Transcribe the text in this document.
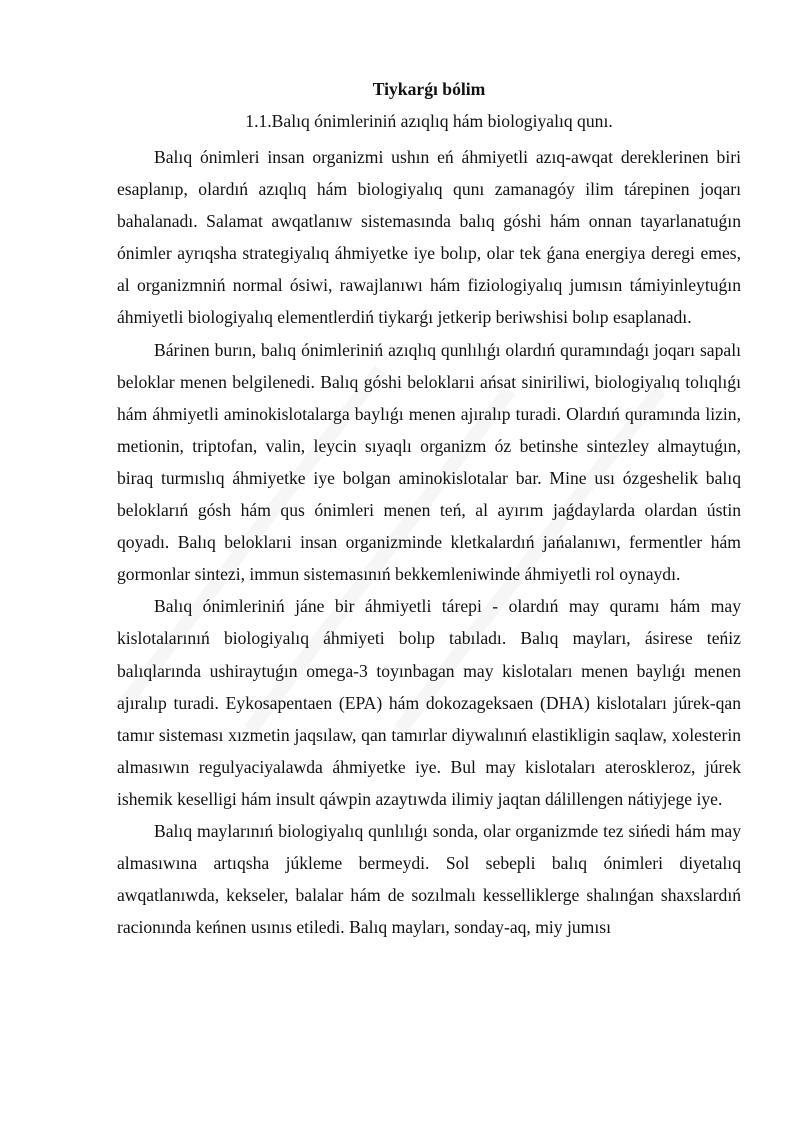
Tiykarǵı bólim
1.1.Balıq ónimleriniń azıqlıq hám biologiyalıq qunı.

Balıq ónimleri insan organizmi ushın eń áhmiyetli azıq-awqat dereklerinen biri esaplanıp, olardıń azıqlıq hám biologiyalıq qunı zamanagóy ilim tárepinen joqarı bahalanadı. Salamat awqatlanıw sistemasında balıq góshi hám onnan tayarlanatuǵın ónimler ayrıqsha strategiyalıq áhmiyetke iye bolıp, olar tek ǵana energiya deregi emes, al organizmniń normal ósiwi, rawajlanıwı hám fiziologiyalıq jumısın támiyinleytuǵın áhmiyetli biologiyalıq elementlerdiń tiykarǵı jetkerip beriwshisi bolıp esaplanadı.

Bárinen burın, balıq ónimleriniń azıqlıq qunlılıǵı olardıń quramındaǵı joqarı sapalı beloklar menen belgilenedi. Balıq góshi beloklarıi ańsat siniriliwi, biologiyalıq tolıqlıǵı hám áhmiyetli aminokislotalarga baylıǵı menen ajıralıp turadi. Olardıń quramında lizin, metionin, triptofan, valin, leycin sıyaqlı organizm óz betinshe sintezley almaytuǵın, biraq turmıslıq áhmiyetke iye bolgan aminokislotalar bar. Mine usı ózgeshelik balıq beloklarıń gósh hám qus ónimleri menen teń, al ayırım jaǵdaylarda olardan ústin qoyadı. Balıq beloklarıi insan organizminde kletkalardıń jańalanıwı, fermentler hám gormonlar sintezi, immun sistemasınıń bekkemleniwinde áhmiyetli rol oynaydı.

Balıq ónimleriniń jáne bir áhmiyetli tárepi - olardıń may quramı hám may kislotalarınıń biologiyalıq áhmiyeti bolıp tabıladı. Balıq mayları, ásirese teńiz balıqlarında ushiraytuǵın omega-3 toyınbagan may kislotaları menen baylıǵı menen ajıralıp turadi. Eykosapentaen (EPA) hám dokozageksaen (DHA) kislotaları júrek-qan tamır sisteması xızmetin jaqsılaw, qan tamırlar diywalınıń elastikligin saqlaw, xolesterin almasıwın regulyaciyalawda áhmiyetke iye. Bul may kislotaları ateroskleroz, júrek ishemik keselligi hám insult qáwpin azaytıwda ilimiy jaqtan dálillengen nátiyjege iye.

Balıq maylarınıń biologiyalıq qunlılıǵı sonda, olar organizmde tez sińedi hám may almasıwına artıqsha júkleme bermeydi. Sol sebepli balıq ónimleri diyetalıq awqatlanıwda, kekseler, balalar hám de sozılmalı kesselliklerge shalınǵan shaxslardıń racionında keńnen usınıs etiledi. Balıq mayları, sonday-aq, miy jumısı
